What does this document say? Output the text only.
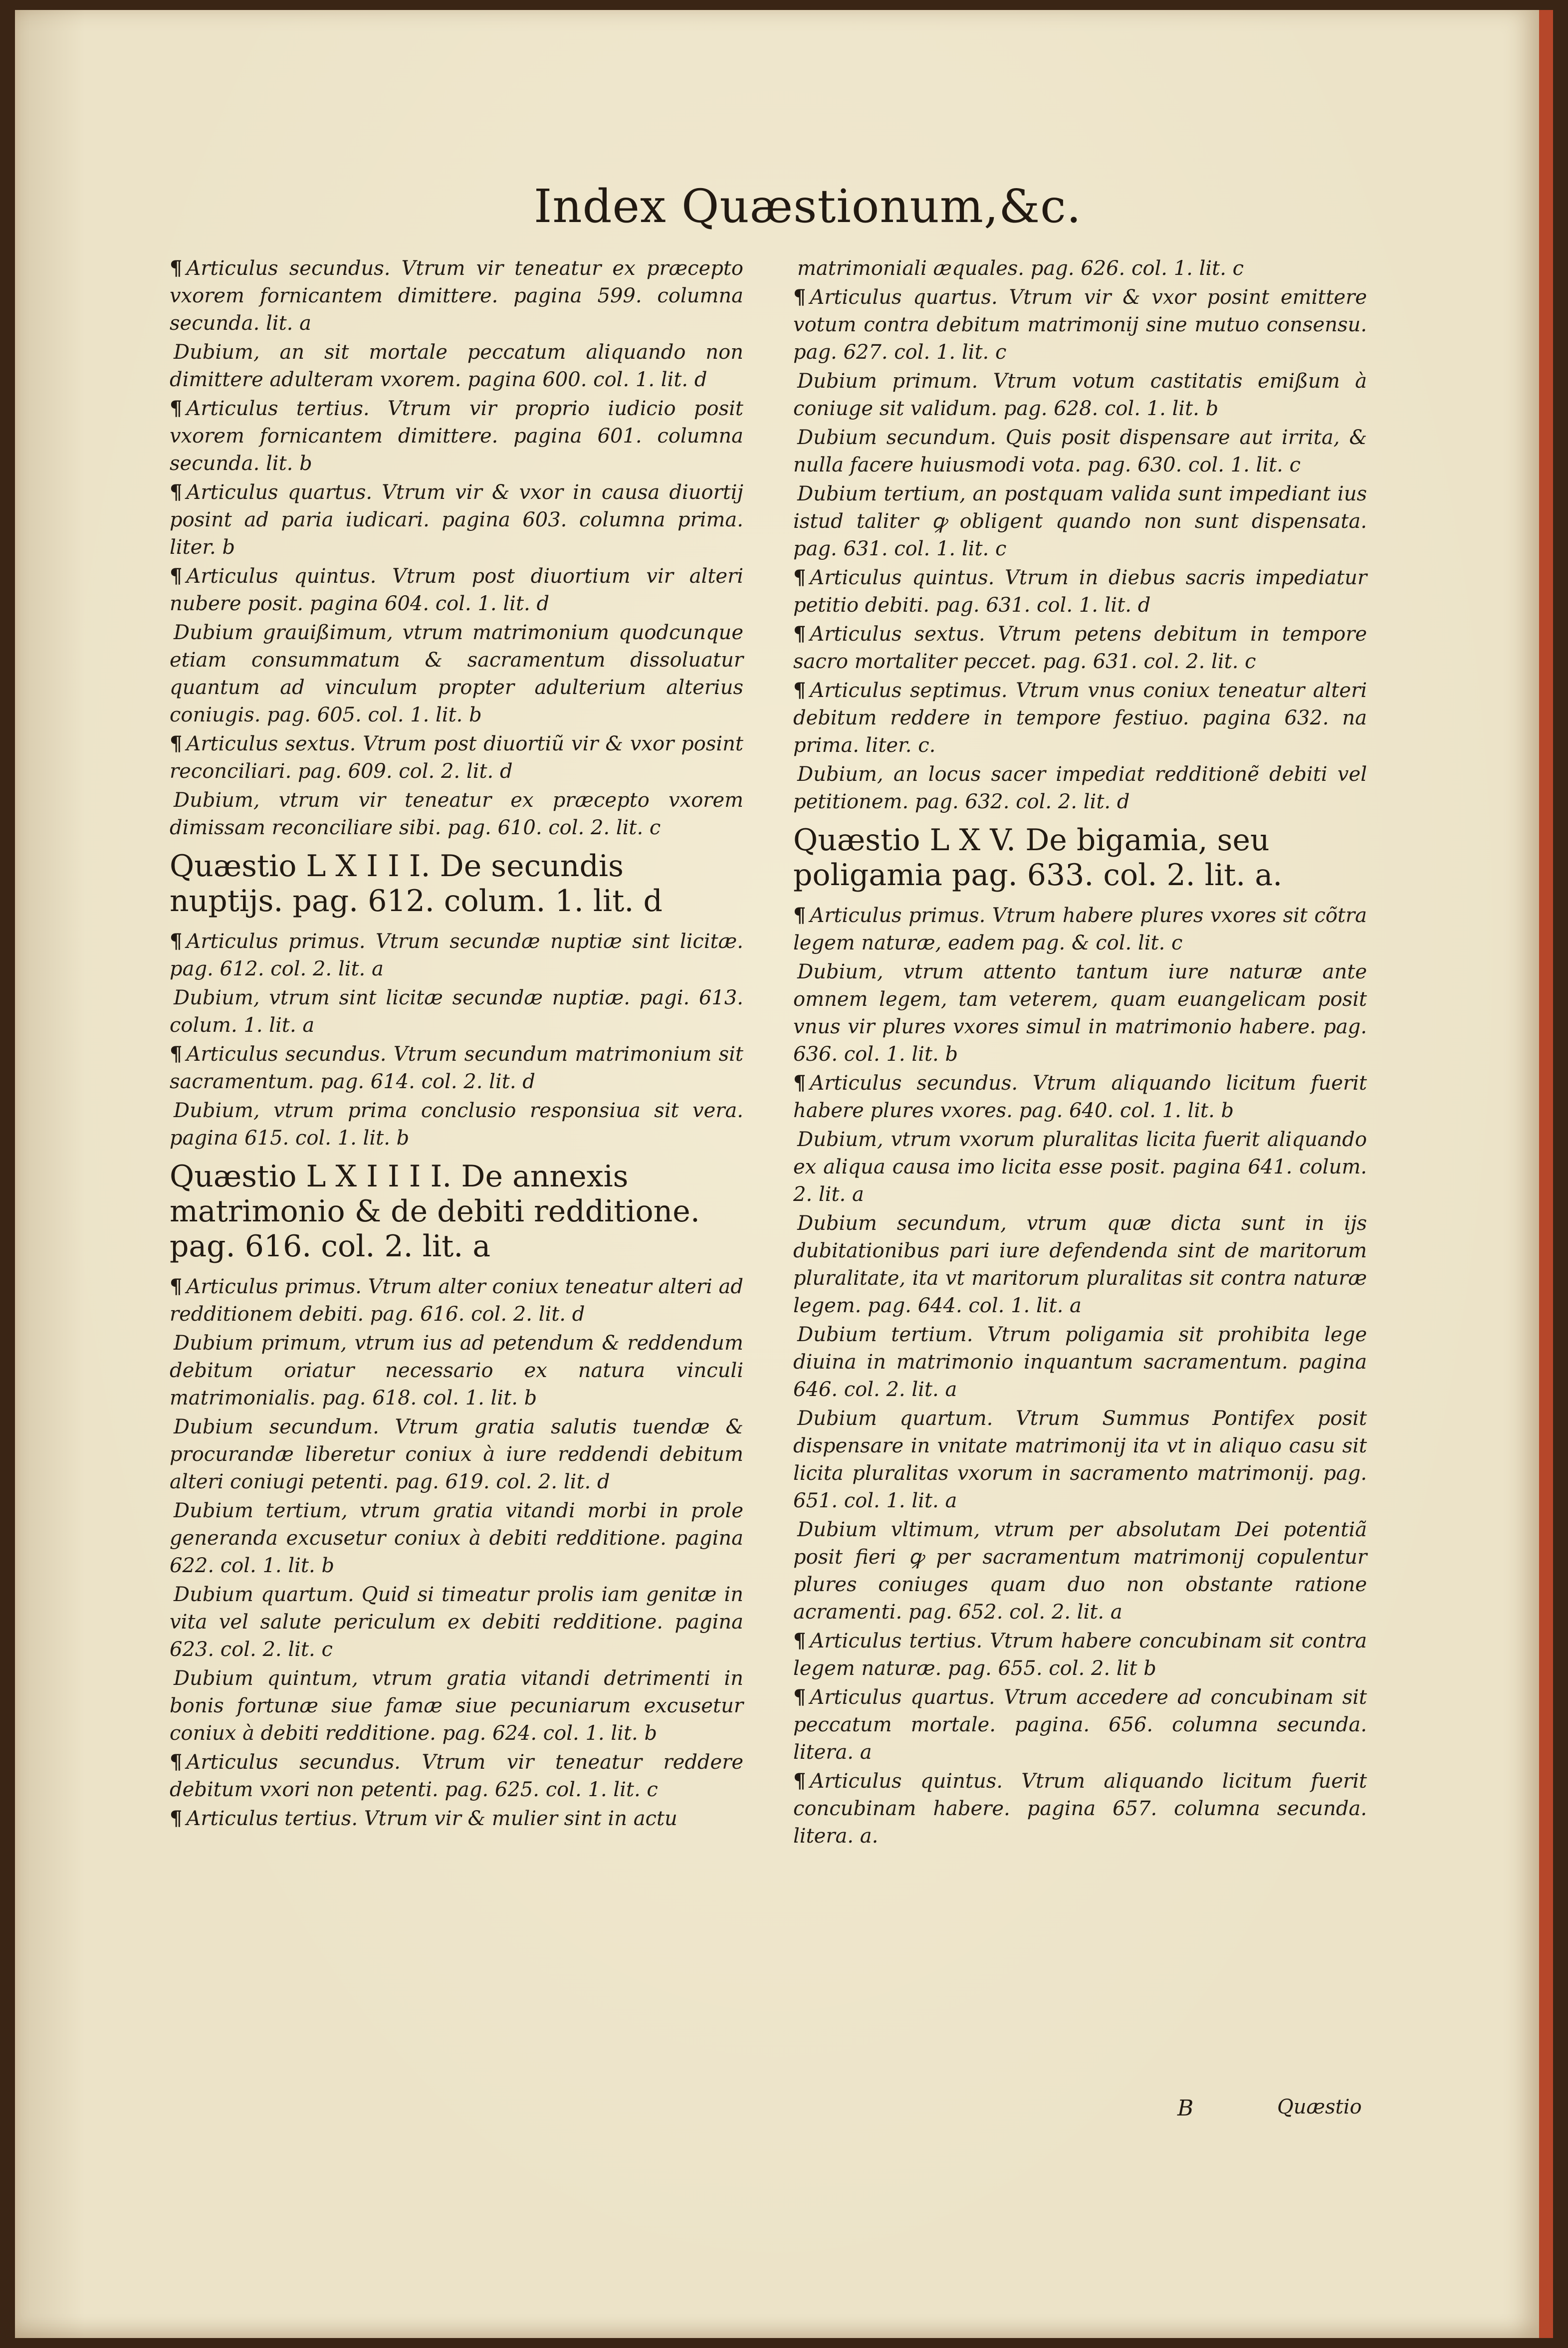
Index Quæstionum,&c.
¶ Articulus secundus. Vtrum vir teneatur ex præcepto vxorem fornicantem dimittere. pagina 599. columna secunda. lit. a
Dubium, an sit mortale peccatum aliquando non dimittere adulteram vxorem. pagina 600. col. 1. lit. d
¶ Articulus tertius. Vtrum vir proprio iudicio posit vxorem fornicantem dimittere. pagina 601. columna secunda. lit. b
¶ Articulus quartus. Vtrum vir & vxor in causa diuortij posint ad paria iudicari. pagina 603. columna prima. liter. b
¶ Articulus quintus. Vtrum post diuortium vir alteri nubere posit. pagina 604. col. 1. lit. d
Dubium grauißimum, vtrum matrimonium quodcunque etiam consummatum & sacramentum dissoluatur quantum ad vinculum propter adulterium alterius coniugis. pag. 605. col. 1. lit. b
¶ Articulus sextus. Vtrum post diuortiũ vir & vxor posint reconciliari. pag. 609. col. 2. lit. d
Dubium, vtrum vir teneatur ex præcepto vxorem dimissam reconciliare sibi. pag. 610. col. 2. lit. c
Quæstio L X I I I. De secundis nuptijs. pag. 612. colum. 1. lit. d
¶ Articulus primus. Vtrum secundæ nuptiæ sint licitæ. pag. 612. col. 2. lit. a
Dubium, vtrum sint licitæ secundæ nuptiæ. pagi. 613. colum. 1. lit. a
¶ Articulus secundus. Vtrum secundum matrimonium sit sacramentum. pag. 614. col. 2. lit. d
Dubium, vtrum prima conclusio responsiua sit vera. pagina 615. col. 1. lit. b
Quæstio L X I I I I. De annexis matrimonio & de debiti redditione. pag. 616. col. 2. lit. a
¶ Articulus primus. Vtrum alter coniux teneatur alteri ad redditionem debiti. pag. 616. col. 2. lit. d
Dubium primum, vtrum ius ad petendum & reddendum debitum oriatur necessario ex natura vinculi matrimonialis. pag. 618. col. 1. lit. b
Dubium secundum. Vtrum gratia salutis tuendæ & procurandæ liberetur coniux à iure reddendi debitum alteri coniugi petenti. pag. 619. col. 2. lit. d
Dubium tertium, vtrum gratia vitandi morbi in prole generanda excusetur coniux à debiti redditione. pagina 622. col. 1. lit. b
Dubium quartum. Quid si timeatur prolis iam genitæ in vita vel salute periculum ex debiti redditione. pagina 623. col. 2. lit. c
Dubium quintum, vtrum gratia vitandi detrimenti in bonis fortunæ siue famæ siue pecuniarum excusetur coniux à debiti redditione. pag. 624. col. 1. lit. b
¶ Articulus secundus. Vtrum vir teneatur reddere debitum vxori non petenti. pag. 625. col. 1. lit. c
¶ Articulus tertius. Vtrum vir & mulier sint in actu
matrimoniali æquales. pag. 626. col. 1. lit. c
¶ Articulus quartus. Vtrum vir & vxor posint emittere votum contra debitum matrimonij sine mutuo consensu. pag. 627. col. 1. lit. c
Dubium primum. Vtrum votum castitatis emißum à coniuge sit validum. pag. 628. col. 1. lit. b
Dubium secundum. Quis posit dispensare aut irrita, & nulla facere huiusmodi vota. pag. 630. col. 1. lit. c
Dubium tertium, an postquam valida sunt impediant ius istud taliter ꝙ obligent quando non sunt dispensata. pag. 631. col. 1. lit. c
¶ Articulus quintus. Vtrum in diebus sacris impediatur petitio debiti. pag. 631. col. 1. lit. d
¶ Articulus sextus. Vtrum petens debitum in tempore sacro mortaliter peccet. pag. 631. col. 2. lit. c
¶ Articulus septimus. Vtrum vnus coniux teneatur alteri debitum reddere in tempore festiuo. pagina 632. na prima. liter. c.
Dubium, an locus sacer impediat redditionẽ debiti vel petitionem. pag. 632. col. 2. lit. d
Quæstio L X V. De bigamia, seu poligamia pag. 633. col. 2. lit. a.
¶ Articulus primus. Vtrum habere plures vxores sit cõtra legem naturæ, eadem pag. & col. lit. c
Dubium, vtrum attento tantum iure naturæ ante omnem legem, tam veterem, quam euangelicam posit vnus vir plures vxores simul in matrimonio habere. pag. 636. col. 1. lit. b
¶ Articulus secundus. Vtrum aliquando licitum fuerit habere plures vxores. pag. 640. col. 1. lit. b
Dubium, vtrum vxorum pluralitas licita fuerit aliquando ex aliqua causa imo licita esse posit. pagina 641. colum. 2. lit. a
Dubium secundum, vtrum quæ dicta sunt in ijs dubitationibus pari iure defendenda sint de maritorum pluralitate, ita vt maritorum pluralitas sit contra naturæ legem. pag. 644. col. 1. lit. a
Dubium tertium. Vtrum poligamia sit prohibita lege diuina in matrimonio inquantum sacramentum. pagina 646. col. 2. lit. a
Dubium quartum. Vtrum Summus Pontifex posit dispensare in vnitate matrimonij ita vt in aliquo casu sit licita pluralitas vxorum in sacramento matrimonij. pag. 651. col. 1. lit. a
Dubium vltimum, vtrum per absolutam Dei potentiã posit fieri ꝙ per sacramentum matrimonij copulentur plures coniuges quam duo non obstante ratione acramenti. pag. 652. col. 2. lit. a
¶ Articulus tertius. Vtrum habere concubinam sit contra legem naturæ. pag. 655. col. 2. lit b
¶ Articulus quartus. Vtrum accedere ad concubinam sit peccatum mortale. pagina. 656. columna secunda. litera. a
¶ Articulus quintus. Vtrum aliquando licitum fuerit concubinam habere. pagina 657. columna secunda. litera. a.
B	Quæstio
